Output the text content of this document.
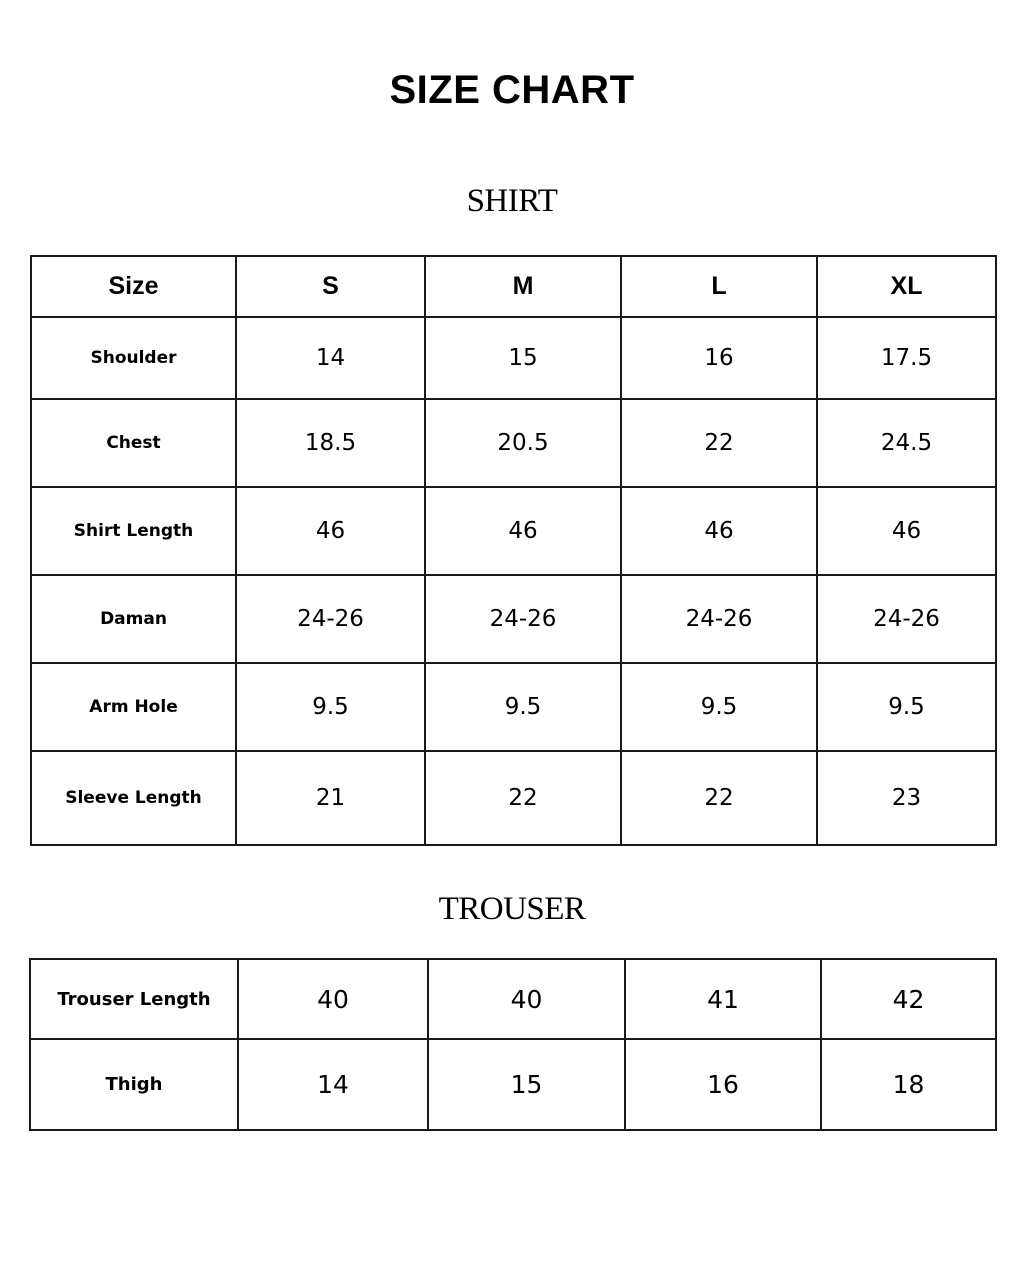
SIZE CHART
SHIRT
Size	S	M	L	XL
Shoulder	14	15	16	17.5
Chest	18.5	20.5	22	24.5
Shirt Length	46	46	46	46
Daman	24-26	24-26	24-26	24-26
Arm Hole	9.5	9.5	9.5	9.5
Sleeve Length	21	22	22	23
TROUSER
Trouser Length	40	40	41	42
Thigh	14	15	16	18
